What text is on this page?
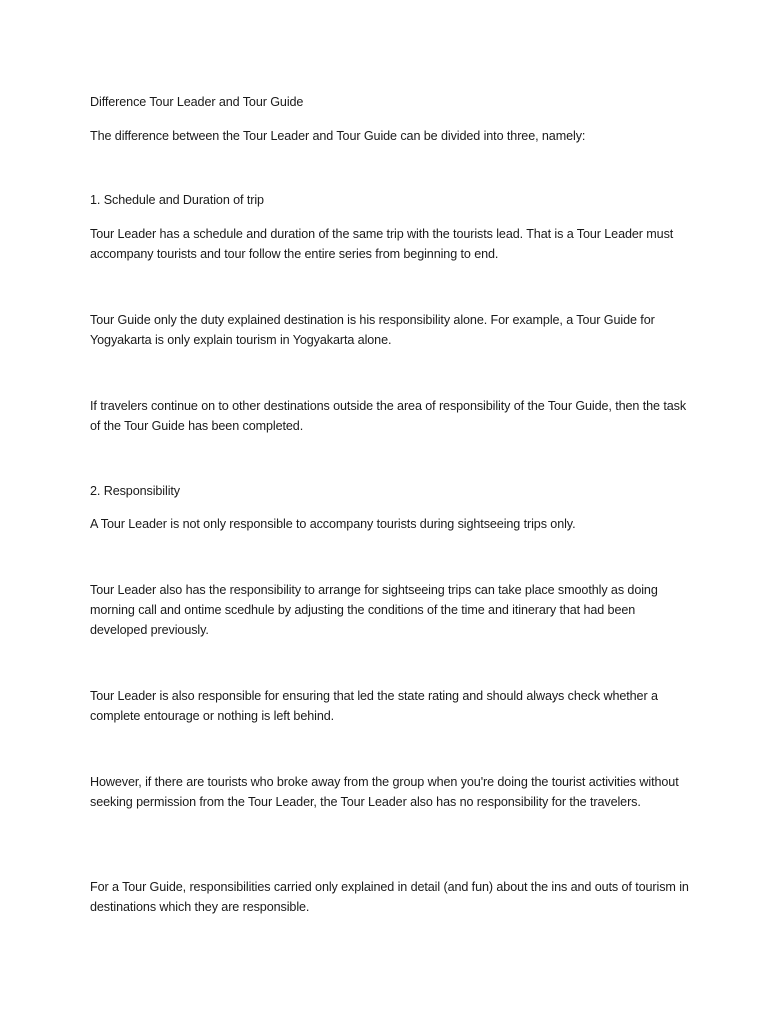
Difference Tour Leader and Tour Guide

The difference between the Tour Leader and Tour Guide can be divided into three, namely:

1. Schedule and Duration of trip

Tour Leader has a schedule and duration of the same trip with the tourists lead. That is a Tour Leader must accompany tourists and tour follow the entire series from beginning to end.

Tour Guide only the duty explained destination is his responsibility alone. For example, a Tour Guide for Yogyakarta is only explain tourism in Yogyakarta alone.

If travelers continue on to other destinations outside the area of responsibility of the Tour Guide, then the task of the Tour Guide has been completed.

2. Responsibility

A Tour Leader is not only responsible to accompany tourists during sightseeing trips only.

Tour Leader also has the responsibility to arrange for sightseeing trips can take place smoothly as doing morning call and ontime scedhule by adjusting the conditions of the time and itinerary that had been developed previously.

Tour Leader is also responsible for ensuring that led the state rating and should always check whether a complete entourage or nothing is left behind.

However, if there are tourists who broke away from the group when you're doing the tourist activities without seeking permission from the Tour Leader, the Tour Leader also has no responsibility for the travelers.

For a Tour Guide, responsibilities carried only explained in detail (and fun) about the ins and outs of tourism in destinations which they are responsible.
